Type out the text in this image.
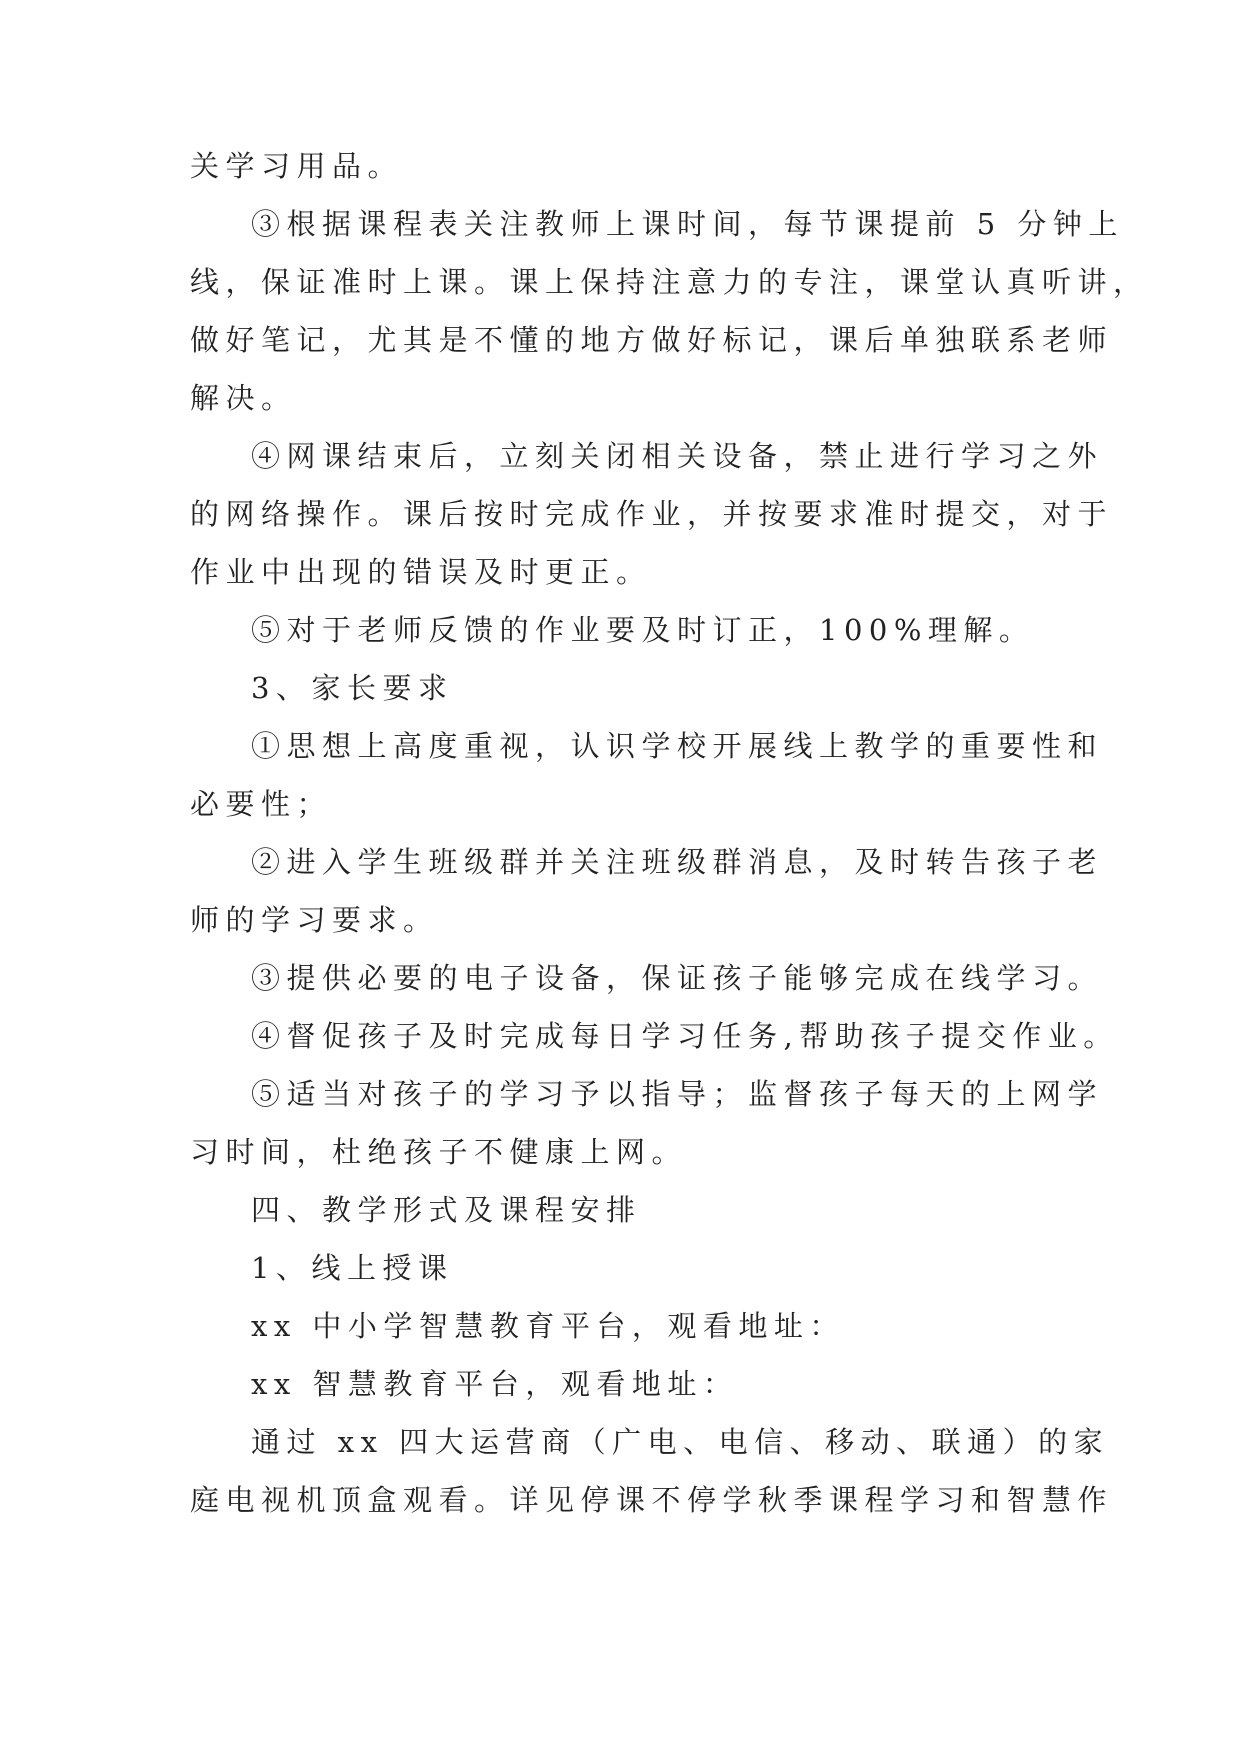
关学习用品。
③根据课程表关注教师上课时间，每节课提前 5 分钟上
线，保证准时上课。课上保持注意力的专注，课堂认真听讲，
做好笔记，尤其是不懂的地方做好标记，课后单独联系老师
解决。
④网课结束后，立刻关闭相关设备，禁止进行学习之外
的网络操作。课后按时完成作业，并按要求准时提交，对于
作业中出现的错误及时更正。
⑤对于老师反馈的作业要及时订正，100%理解。
3、家长要求
①思想上高度重视，认识学校开展线上教学的重要性和
必要性；
②进入学生班级群并关注班级群消息，及时转告孩子老
师的学习要求。
③提供必要的电子设备，保证孩子能够完成在线学习。
④督促孩子及时完成每日学习任务,帮助孩子提交作业。
⑤适当对孩子的学习予以指导；监督孩子每天的上网学
习时间，杜绝孩子不健康上网。
四、教学形式及课程安排
1、线上授课
xx 中小学智慧教育平台，观看地址：
xx 智慧教育平台，观看地址：
通过 xx 四大运营商（广电、电信、移动、联通）的家
庭电视机顶盒观看。详见停课不停学秋季课程学习和智慧作
